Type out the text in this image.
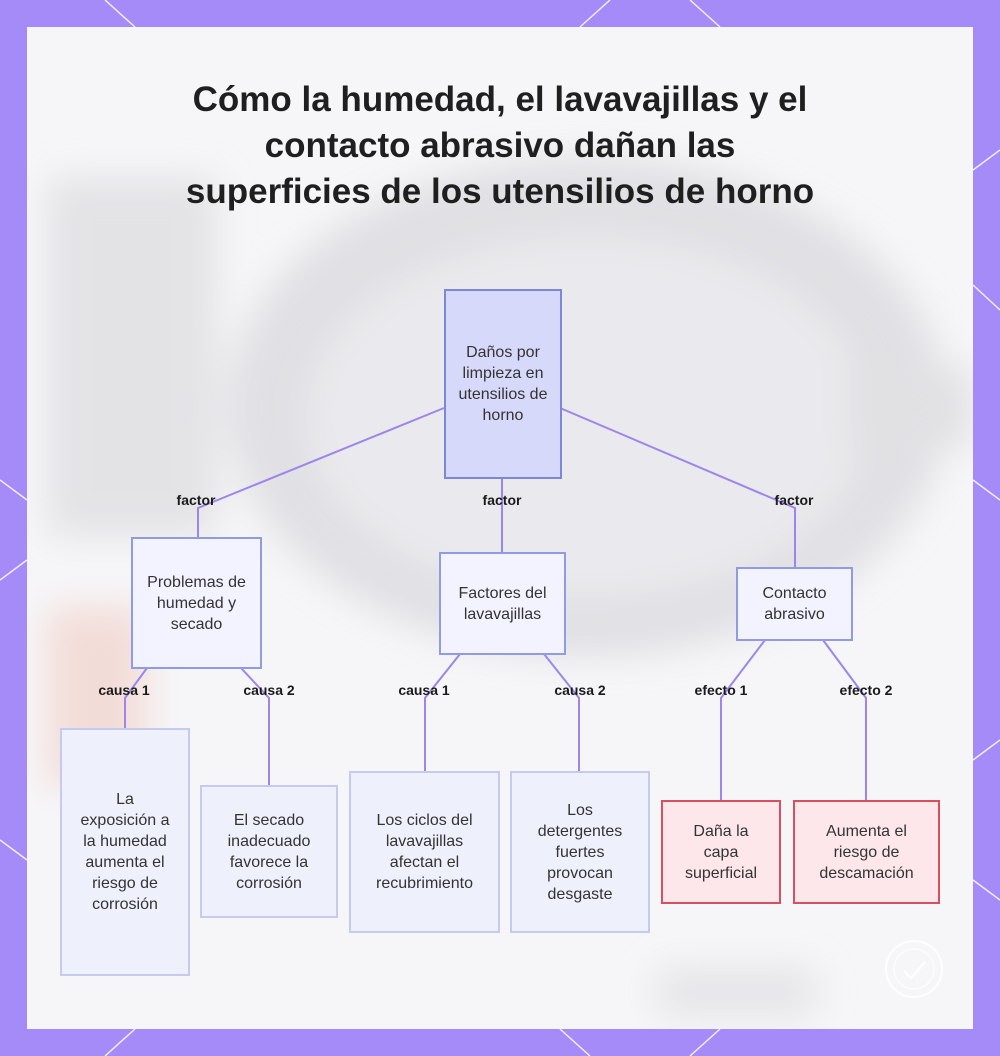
Cómo la humedad, el lavavajillas y el contacto abrasivo dañan las superficies de los utensilios de horno
factor	factor	factor
causa 1	causa 2	causa 1	causa 2	efecto 1	efecto 2
Daños por limpieza en utensilios de horno
Problemas de humedad y secado
Factores del lavavajillas
Contacto abrasivo
La exposición a la humedad aumenta el riesgo de corrosión
El secado inadecuado favorece la corrosión
Los ciclos del lavavajillas afectan el recubrimiento
Los detergentes fuertes provocan desgaste
Daña la capa superficial
Aumenta el riesgo de descamación
